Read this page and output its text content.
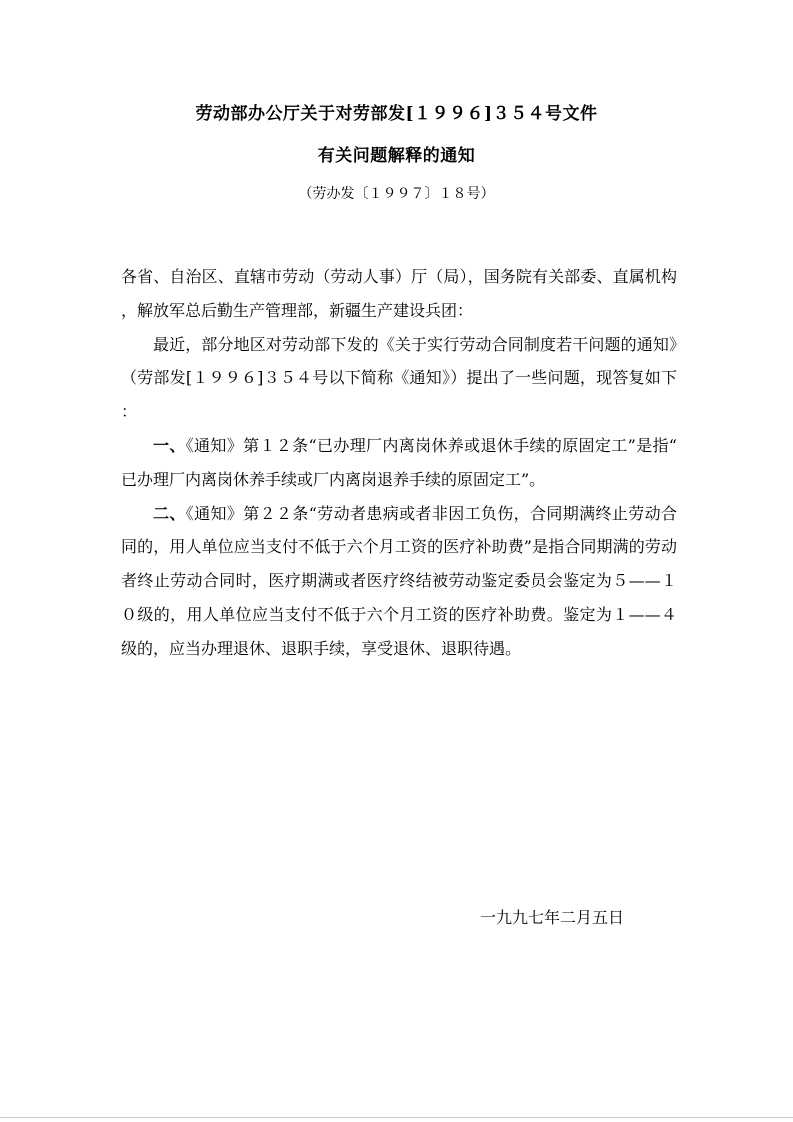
劳动部办公厅关于对劳部发[１９９６]３５４号文件
有关问题解释的通知
（劳办发〔１９９７〕１８号）

各省、自治区、直辖市劳动（劳动人事）厅（局），国务院有关部委、直属机构，解放军总后勤生产管理部，新疆生产建设兵团：

最近，部分地区对劳动部下发的《关于实行劳动合同制度若干问题的通知》（劳部发[１９９６]３５４号以下简称《通知》）提出了一些问题，现答复如下：

一、《通知》第１２条“已办理厂内离岗休养或退休手续的原固定工”是指“已办理厂内离岗休养手续或厂内离岗退养手续的原固定工”。

二、《通知》第２２条“劳动者患病或者非因工负伤，合同期满终止劳动合同的，用人单位应当支付不低于六个月工资的医疗补助费”是指合同期满的劳动者终止劳动合同时，医疗期满或者医疗终结被劳动鉴定委员会鉴定为５——１０级的，用人单位应当支付不低于六个月工资的医疗补助费。鉴定为１——４级的，应当办理退休、退职手续，享受退休、退职待遇。

一九九七年二月五日
